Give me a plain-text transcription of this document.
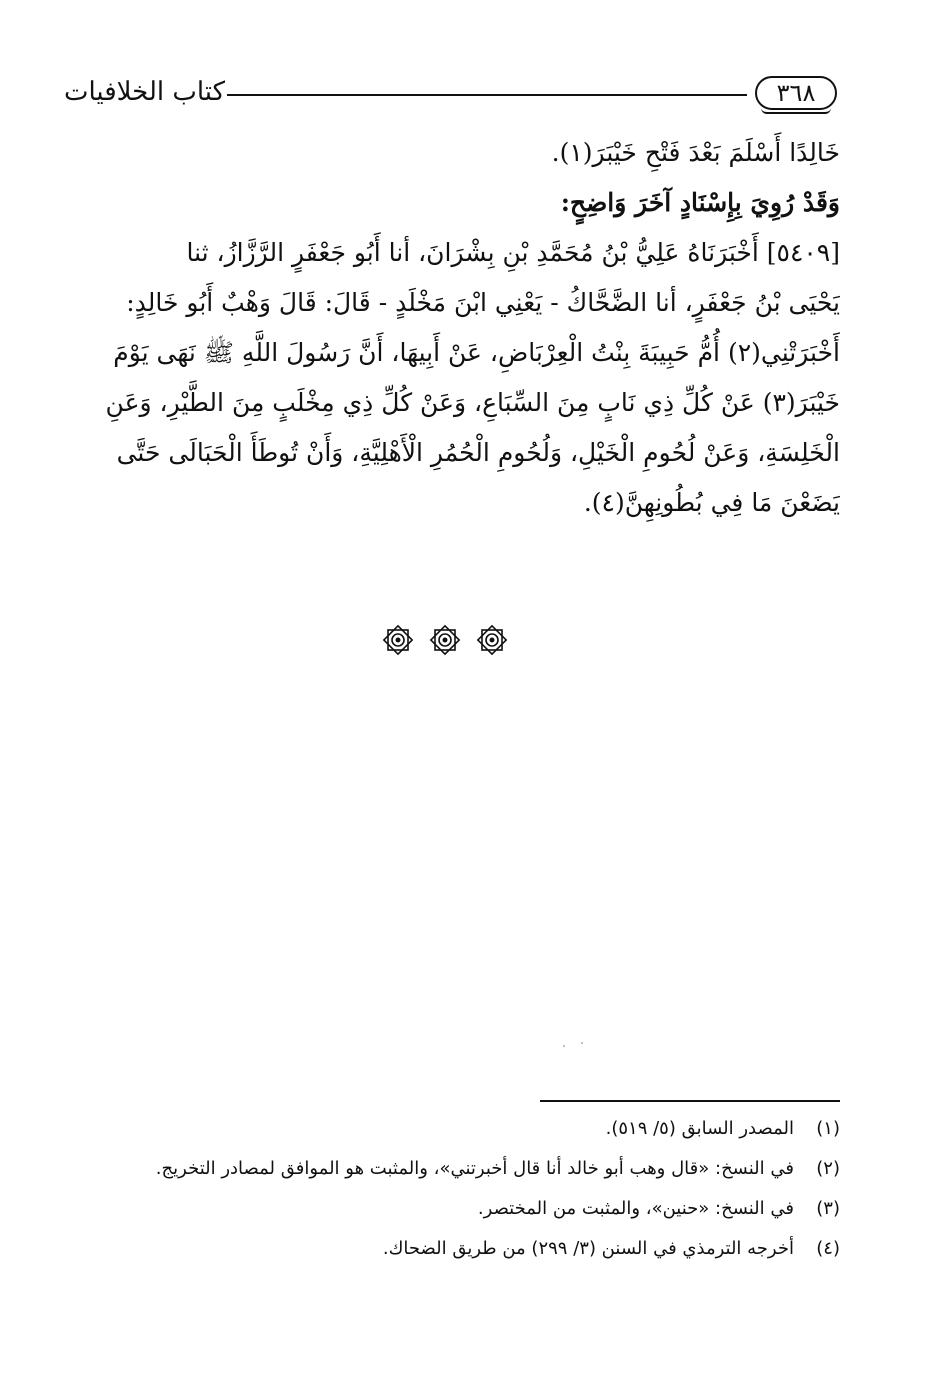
كتاب الخلافيات	٣٦٨
خَالِدًا أَسْلَمَ بَعْدَ فَتْحِ خَيْبَرَ(١).
وَقَدْ رُوِيَ بِإِسْنَادٍ آخَرَ وَاضِحٍ:
[٥٤٠٩] أَخْبَرَنَاهُ عَلِيُّ بْنُ مُحَمَّدِ بْنِ بِشْرَانَ، أنا أَبُو جَعْفَرٍ الرَّزَّازُ، ثنا
يَحْيَى بْنُ جَعْفَرٍ، أنا الضَّحَّاكُ - يَعْنِي ابْنَ مَخْلَدٍ - قَالَ: قَالَ وَهْبٌ أَبُو خَالِدٍ:
أَخْبَرَتْنِي(٢) أُمُّ حَبِيبَةَ بِنْتُ الْعِرْبَاضِ، عَنْ أَبِيهَا، أَنَّ رَسُولَ اللَّهِ ﷺ نَهَى يَوْمَ
خَيْبَرَ(٣) عَنْ كُلِّ ذِي نَابٍ مِنَ السِّبَاعِ، وَعَنْ كُلِّ ذِي مِخْلَبٍ مِنَ الطَّيْرِ، وَعَنِ
الْخَلِسَةِ، وَعَنْ لُحُومِ الْخَيْلِ، وَلُحُومِ الْحُمُرِ الْأَهْلِيَّةِ، وَأَنْ تُوطَأَ الْحَبَالَى حَتَّى
يَضَعْنَ مَا فِي بُطُونِهِنَّ(٤).
(١)
المصدر السابق (٥/ ٥١٩).
(٢)
في النسخ: «قال وهب أبو خالد أنا قال أخبرتني»، والمثبت هو الموافق لمصادر التخريج.
(٣)
في النسخ: «حنين»، والمثبت من المختصر.
(٤)
أخرجه الترمذي في السنن (٣/ ٢٩٩) من طريق الضحاك.
